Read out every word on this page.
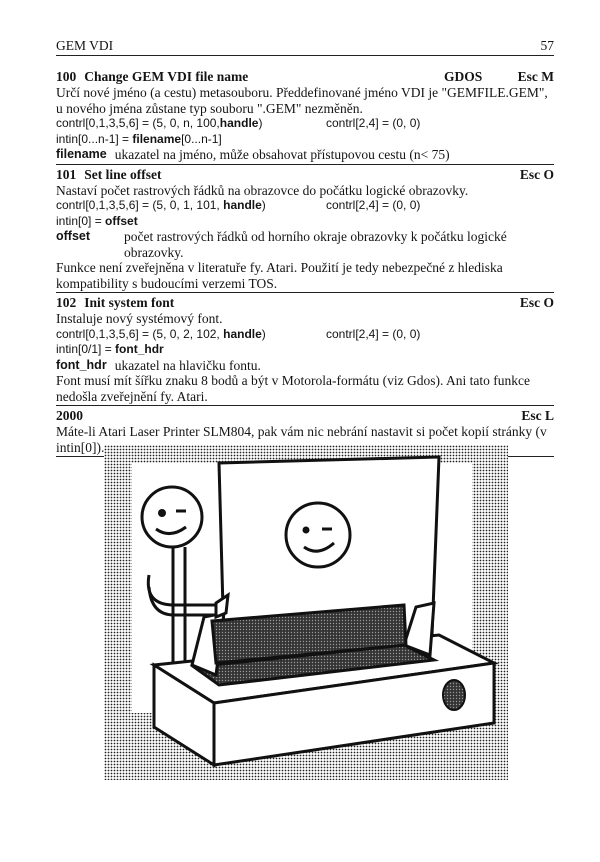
GEM VDI	57
100 Change GEM VDI file name	GDOS	Esc M
Určí nové jméno (a cestu) metasouboru. Předdefinované jméno VDI je "GEMFILE.GEM", u nového jména zůstane typ souboru ".GEM" nezměněn.
contrl[0,1,3,5,6] = (5, 0, n, 100,handle)	contrl[2,4] = (0, 0)
intin[0...n-1] = filename[0...n-1]
filename ukazatel na jméno, může obsahovat přístupovou cestu (n< 75)
101 Set line offset	Esc O
Nastaví počet rastrových řádků na obrazovce do počátku logické obrazovky.
contrl[0,1,3,5,6] = (5, 0, 1, 101, handle)	contrl[2,4] = (0, 0)
intin[0] = offset
offset	počet rastrových řádků od horního okraje obrazovky k počátku logické obrazovky.
Funkce není zveřejněna v literatuře fy. Atari. Použití je tedy nebezpečné z hlediska kompatibility s budoucími verzemi TOS.
102 Init system font	Esc O
Instaluje nový systémový font.
contrl[0,1,3,5,6] = (5, 0, 2, 102, handle)	contrl[2,4] = (0, 0)
intin[0/1] = font_hdr
font_hdr ukazatel na hlavičku fontu.
Font musí mít šířku znaku 8 bodů a být v Motorola-formátu (viz Gdos). Ani tato funkce nedošla zveřejnění fy. Atari.
2000	Esc L
Máte-li Atari Laser Printer SLM804, pak vám nic nebrání nastavit si počet kopií stránky (v intin[0]).
